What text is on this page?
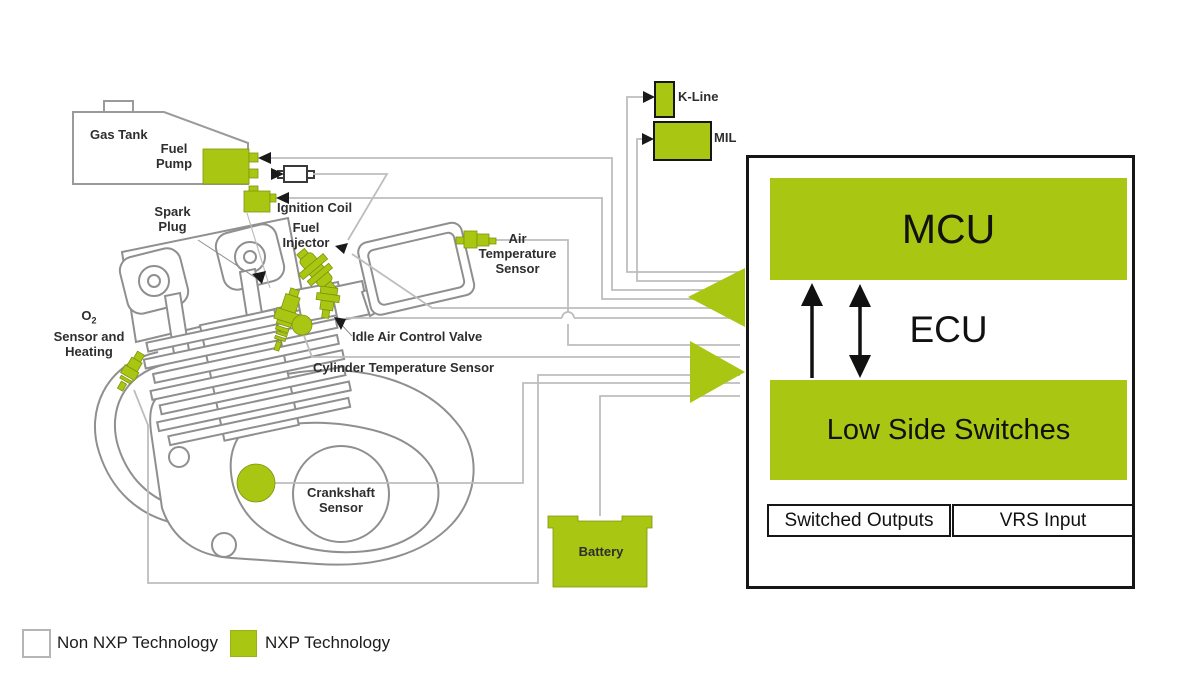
MCU
ECU
Low Side Switches
Switched Outputs	VRS Input
Gas Tank
Fuel
Pump
Spark
Plug
Ignition Coil
Fuel
Injector	Air
Temperature
Sensor
$O_2$
Sensor and
Heating
Idle Air Control Valve
Cylinder Temperature Sensor
Crankshaft
Sensor
Battery
K-Line
MIL
Non NXP Technology	NXP Technology
